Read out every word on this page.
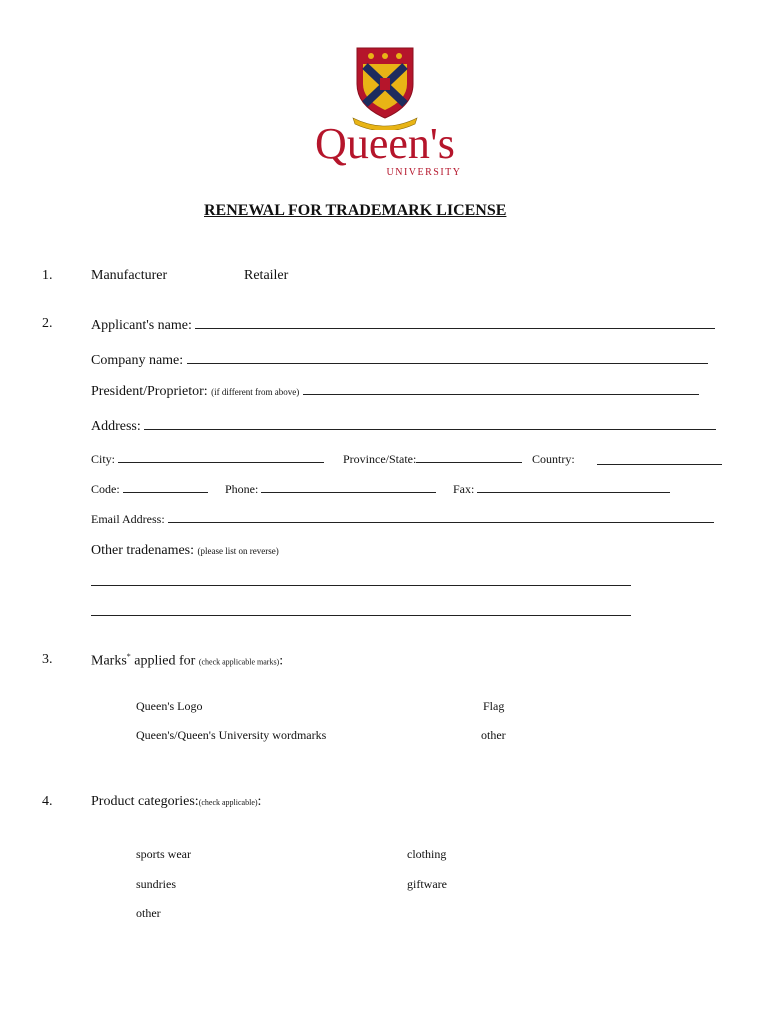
Queen's
UNIVERSITY
RENEWAL FOR TRADEMARK LICENSE
1.	Manufacturer	Retailer
2.	Applicant's name:
Company name:
President/Proprietor: (if different from above)
Address:
City:	Province/State:	Country:
Code:	Phone:	Fax:
Email Address:
Other tradenames: (please list on reverse)
3.	Marks* applied for (check applicable marks):
Queen's Logo	Flag
Queen's/Queen's University wordmarks	other
4.	Product categories:(check applicable):
sports wear	clothing
sundries	giftware
other
